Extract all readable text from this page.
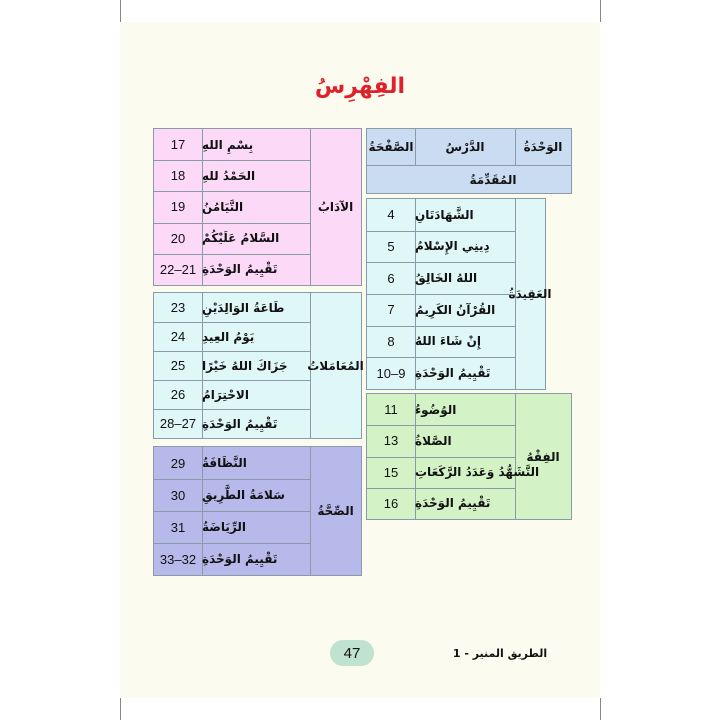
الفِهْرِسُ
الوَحْدَةُ
الدَّرْسُ
الصَّفْحَةُ
المُقَدِّمَةُ
العَقِيدَةُ
الشَّهَادَتَانِ
4
دِينِي الإِسْلامُ
5
اللهُ الخَالِقُ
6
القُرْآنُ الكَرِيمُ
7
إِنْ شَاءَ اللهُ
8
تَقْيِيمُ الوَحْدَةِ
10–9
الفِقْهُ
الوُضُوءُ
11
الصَّلاةُ
13
التَّشَهُّدُ وَعَدَدُ الرَّكَعَاتِ
15
تَقْيِيمُ الوَحْدَةِ
16
الآدَابُ
بِسْمِ اللهِ
17
الحَمْدُ للهِ
18
التَّيَامُنُ
19
السَّلامُ عَلَيْكُمْ
20
تَقْيِيمُ الوَحْدَةِ
22–21
المُعَامَلاتُ
طَاعَةُ الوَالِدَيْنِ
23
يَوْمُ العِيدِ
24
جَزَاكَ اللهُ خَيْرًا
25
الاحْتِرَامُ
26
تَقْيِيمُ الوَحْدَةِ
28–27
الصِّحَّةُ
النَّظَافَةُ
29
سَلامَةُ الطَّرِيقِ
30
الرِّيَاضَةُ
31
تَقْيِيمُ الوَحْدَةِ
33–32
47	الطريق المنير - 1
